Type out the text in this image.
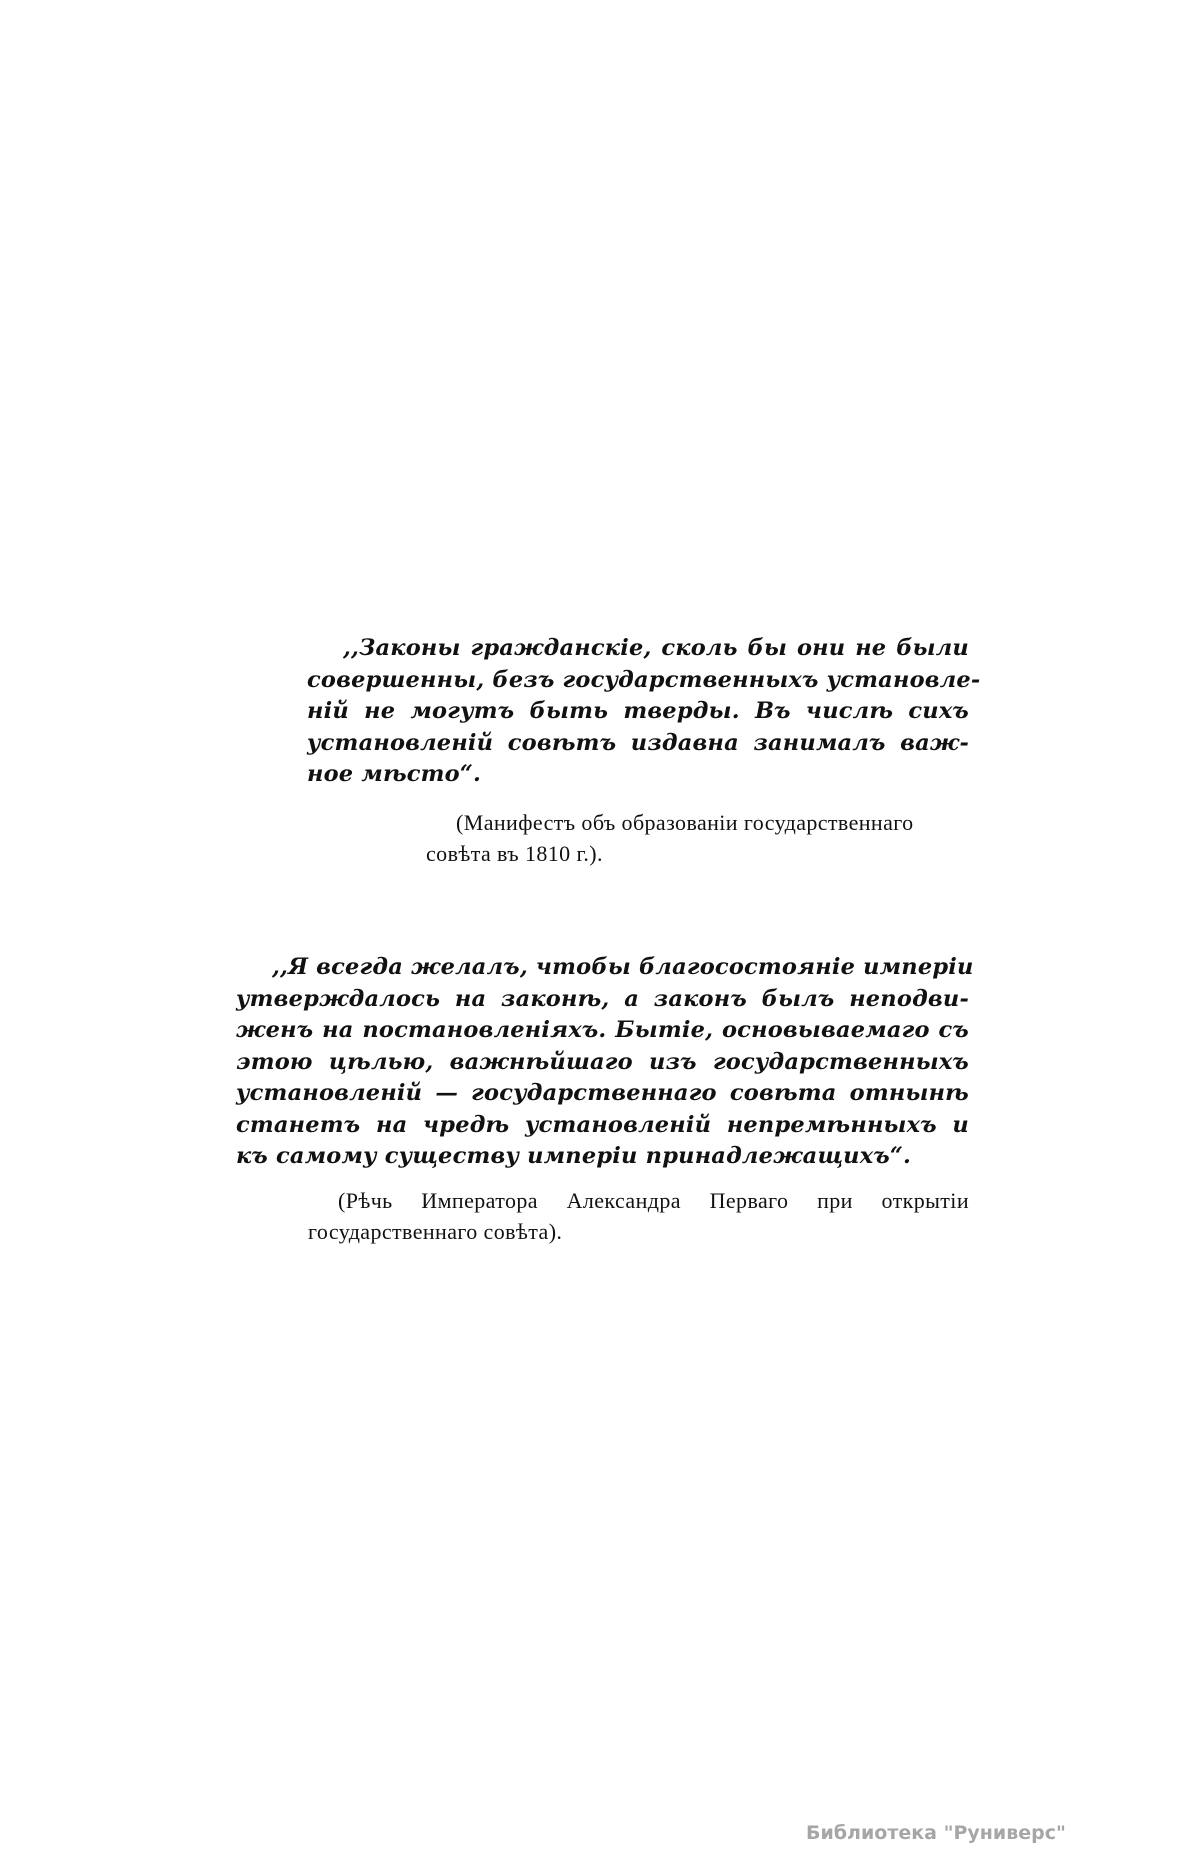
,,Законы гражданскіе, сколь бы они не были
совершенны, безъ государственныхъ установле-
ній не могутъ быть тверды. Въ числѣ сихъ
установленій совѣтъ издавна занималъ важ-
ное мѣсто“.
(Манифестъ объ образованіи государственнаго
совѣта въ 1810 г.).
,,Я всегда желалъ, чтобы благосостояніе имперіи
утверждалось на законѣ, а законъ былъ неподви-
женъ на постановленіяхъ. Бытіе, основываемаго съ
этою цѣлью, важнѣйшаго изъ государственныхъ
установленій — государственнаго совѣта отнынѣ
станетъ на чредѣ установленій непремѣнныхъ и
къ самому существу имперіи принадлежащихъ“.
(Рѣчь Императора Александра Перваго при открытіи
государственнаго совѣта).
Библиотека "Руниверс"
